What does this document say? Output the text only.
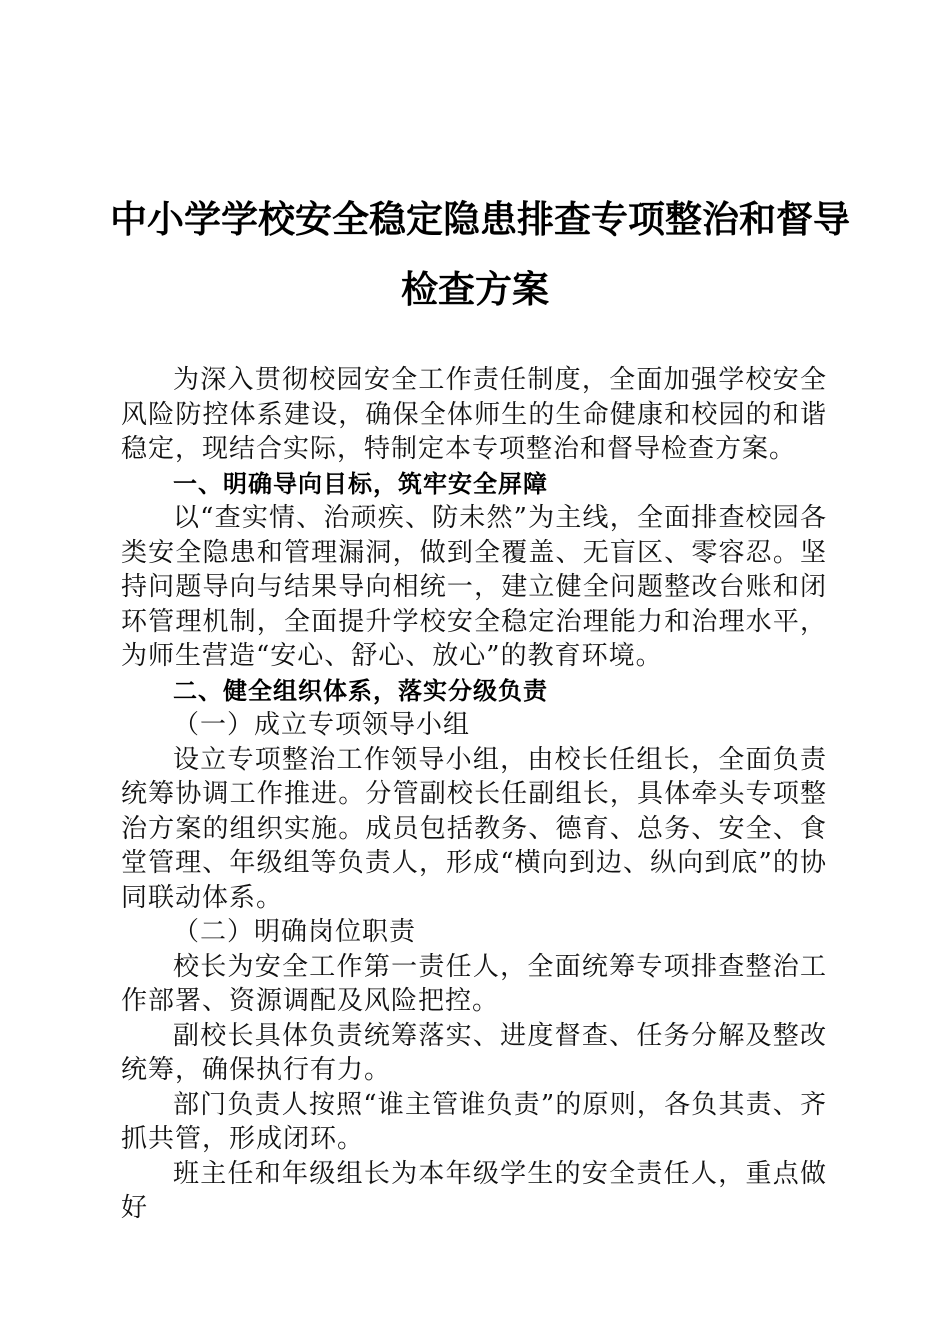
中小学学校安全稳定隐患排查专项整治和督导
检查方案

为深入贯彻校园安全工作责任制度，全面加强学校安全风险防控体系建设，确保全体师生的生命健康和校园的和谐稳定，现结合实际，特制定本专项整治和督导检查方案。

一、明确导向目标，筑牢安全屏障

以“查实情、治顽疾、防未然”为主线，全面排查校园各类安全隐患和管理漏洞，做到全覆盖、无盲区、零容忍。坚持问题导向与结果导向相统一，建立健全问题整改台账和闭环管理机制，全面提升学校安全稳定治理能力和治理水平，为师生营造“安心、舒心、放心”的教育环境。

二、健全组织体系，落实分级负责

（一）成立专项领导小组

设立专项整治工作领导小组，由校长任组长，全面负责统筹协调工作推进。分管副校长任副组长，具体牵头专项整治方案的组织实施。成员包括教务、德育、总务、安全、食堂管理、年级组等负责人，形成“横向到边、纵向到底”的协同联动体系。

（二）明确岗位职责

校长为安全工作第一责任人，全面统筹专项排查整治工作部署、资源调配及风险把控。

副校长具体负责统筹落实、进度督查、任务分解及整改统筹，确保执行有力。

部门负责人按照“谁主管谁负责”的原则，各负其责、齐抓共管，形成闭环。

班主任和年级组长为本年级学生的安全责任人，重点做好
